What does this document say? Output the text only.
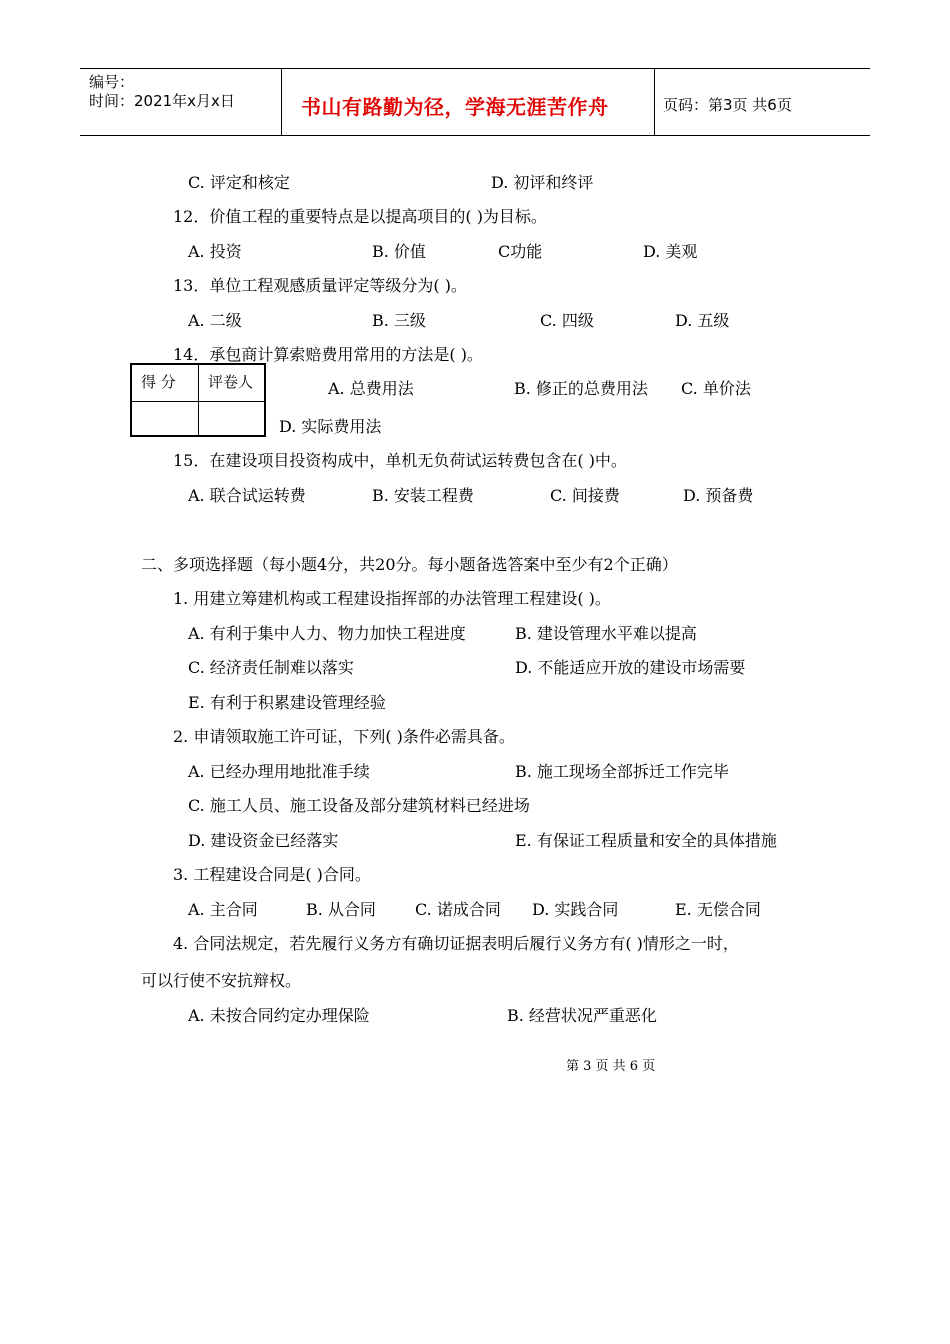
编号：
时间：2021年x月x日	书山有路勤为径，学海无涯苦作舟	页码：第3页 共6页
得 分 评卷人
C. 评定和核定	D. 初评和终评
12．价值工程的重要特点是以提高项目的( )为目标。
A. 投资	B. 价值	C功能	D. 美观
13．单位工程观感质量评定等级分为( )。
A. 二级	B. 三级	C. 四级	D. 五级
14．承包商计算索赔费用常用的方法是( )。
A. 总费用法	B. 修正的总费用法 C. 单价法
D. 实际费用法
15．在建设项目投资构成中，单机无负荷试运转费包含在( )中。
A. 联合试运转费	B. 安装工程费	C. 间接费	D. 预备费
二、多项选择题（每小题4分，共20分。每小题备选答案中至少有2个正确）
1. 用建立筹建机构或工程建设指挥部的办法管理工程建设( )。
A. 有利于集中人力、物力加快工程进度	B. 建设管理水平难以提高
C. 经济责任制难以落实	D. 不能适应开放的建设市场需要
E. 有利于积累建设管理经验
2. 申请领取施工许可证，下列( )条件必需具备。
A. 已经办理用地批准手续	B. 施工现场全部拆迁工作完毕
C. 施工人员、施工设备及部分建筑材料已经进场
D. 建设资金已经落实	E. 有保证工程质量和安全的具体措施
3. 工程建设合同是( )合同。
A. 主合同	B. 从合同 C. 诺成合同 D. 实践合同	E. 无偿合同
4. 合同法规定，若先履行义务方有确切证据表明后履行义务方有( )情形之一时，
可以行使不安抗辩权。
A. 未按合同约定办理保险	B. 经营状况严重恶化
第 3 页 共 6 页
